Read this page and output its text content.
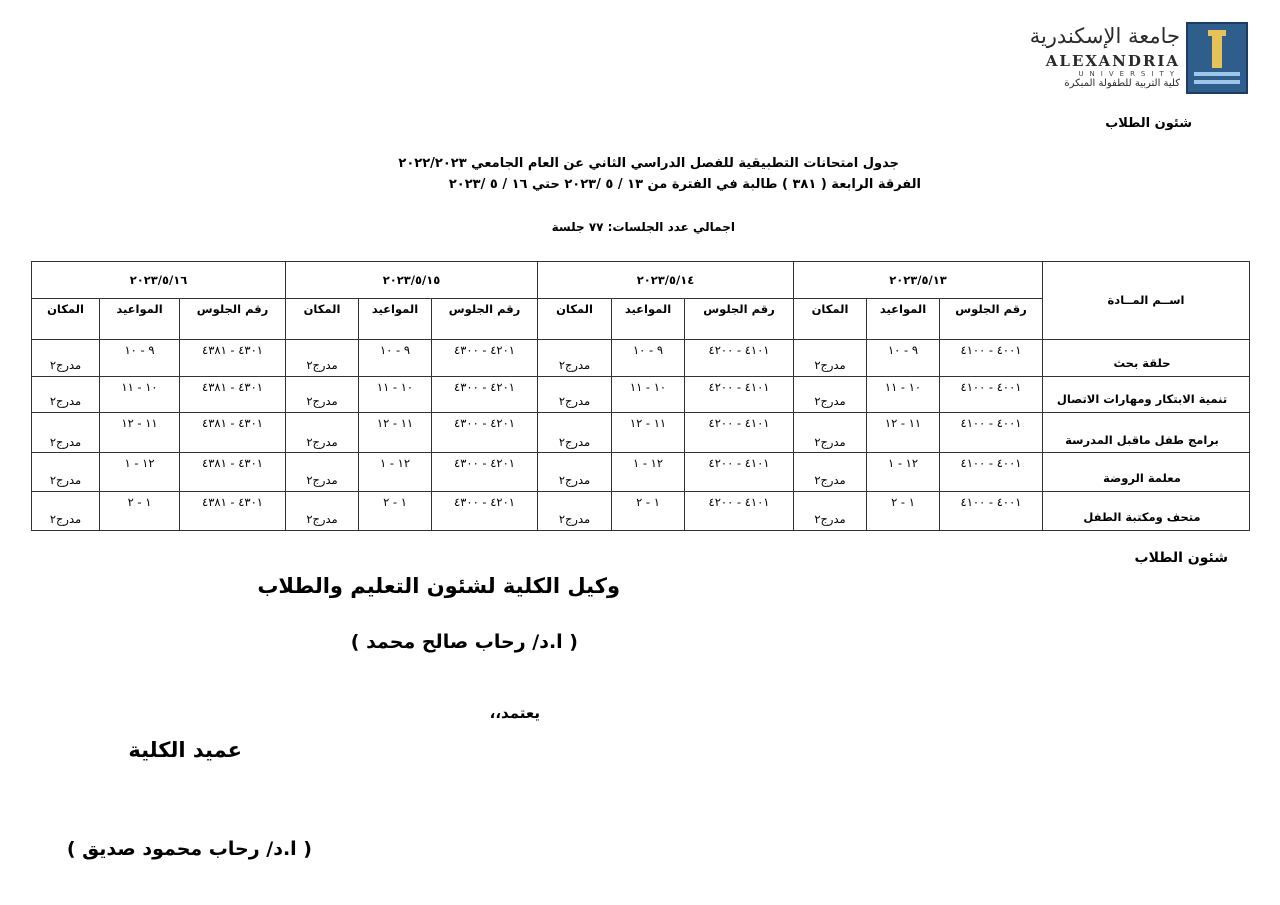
جامعة الإسكندرية
ALEXANDRIA
UNIVERSITY
كلية التربية للطفولة المبكرة
شئون الطلاب
جدول امتحانات التطبيقية للفصل الدراسي الثاني عن العام الجامعي ٢٠٢٢/٢٠٢٣
الفرقة الرابعة ( ٣٨١ ) طالبة في الفترة من ١٣ / ٥ /٢٠٢٣ حتي ١٦ / ٥ /٢٠٢٣
اجمالي عدد الجلسات: ٧٧ جلسة
اســم المــادة	٢٠٢٣/٥/١٣			٢٠٢٣/٥/١٤			٢٠٢٣/٥/١٥			٢٠٢٣/٥/١٦		
	رقم الجلوس	المواعيد	المكان	رقم الجلوس	المواعيد	المكان	رقم الجلوس	المواعيد	المكان	رقم الجلوس	المواعيد	المكان
حلقة بحث	٤٠٠١ - ٤١٠٠	٩ - ١٠	مدرج٢	٤١٠١ - ٤٢٠٠	٩ - ١٠	مدرج٢	٤٢٠١ - ٤٣٠٠	٩ - ١٠	مدرج٢	٤٣٠١ - ٤٣٨١	٩ - ١٠	مدرج٢
تنمية الابتكار ومهارات الاتصال	٤٠٠١ - ٤١٠٠	١٠ - ١١	مدرج٢	٤١٠١ - ٤٢٠٠	١٠ - ١١	مدرج٢	٤٢٠١ - ٤٣٠٠	١٠ - ١١	مدرج٢	٤٣٠١ - ٤٣٨١	١٠ - ١١	مدرج٢
برامج طفل ماقبل المدرسة	٤٠٠١ - ٤١٠٠	١١ - ١٢	مدرج٢	٤١٠١ - ٤٢٠٠	١١ - ١٢	مدرج٢	٤٢٠١ - ٤٣٠٠	١١ - ١٢	مدرج٢	٤٣٠١ - ٤٣٨١	١١ - ١٢	مدرج٢
معلمة الروضة	٤٠٠١ - ٤١٠٠	١٢ - ١	مدرج٢	٤١٠١ - ٤٢٠٠	١٢ - ١	مدرج٢	٤٢٠١ - ٤٣٠٠	١٢ - ١	مدرج٢	٤٣٠١ - ٤٣٨١	١٢ - ١	مدرج٢
متحف ومكتبة الطفل	٤٠٠١ - ٤١٠٠	١ - ٢	مدرج٢	٤١٠١ - ٤٢٠٠	١ - ٢	مدرج٢	٤٢٠١ - ٤٣٠٠	١ - ٢	مدرج٢	٤٣٠١ - ٤٣٨١	١ - ٢	مدرج٢
شئون الطلاب
وكيل الكلية لشئون التعليم والطلاب
( ا.د/ رحاب صالح محمد )
يعتمد،،
عميد الكلية
( ا.د/ رحاب محمود صديق )
